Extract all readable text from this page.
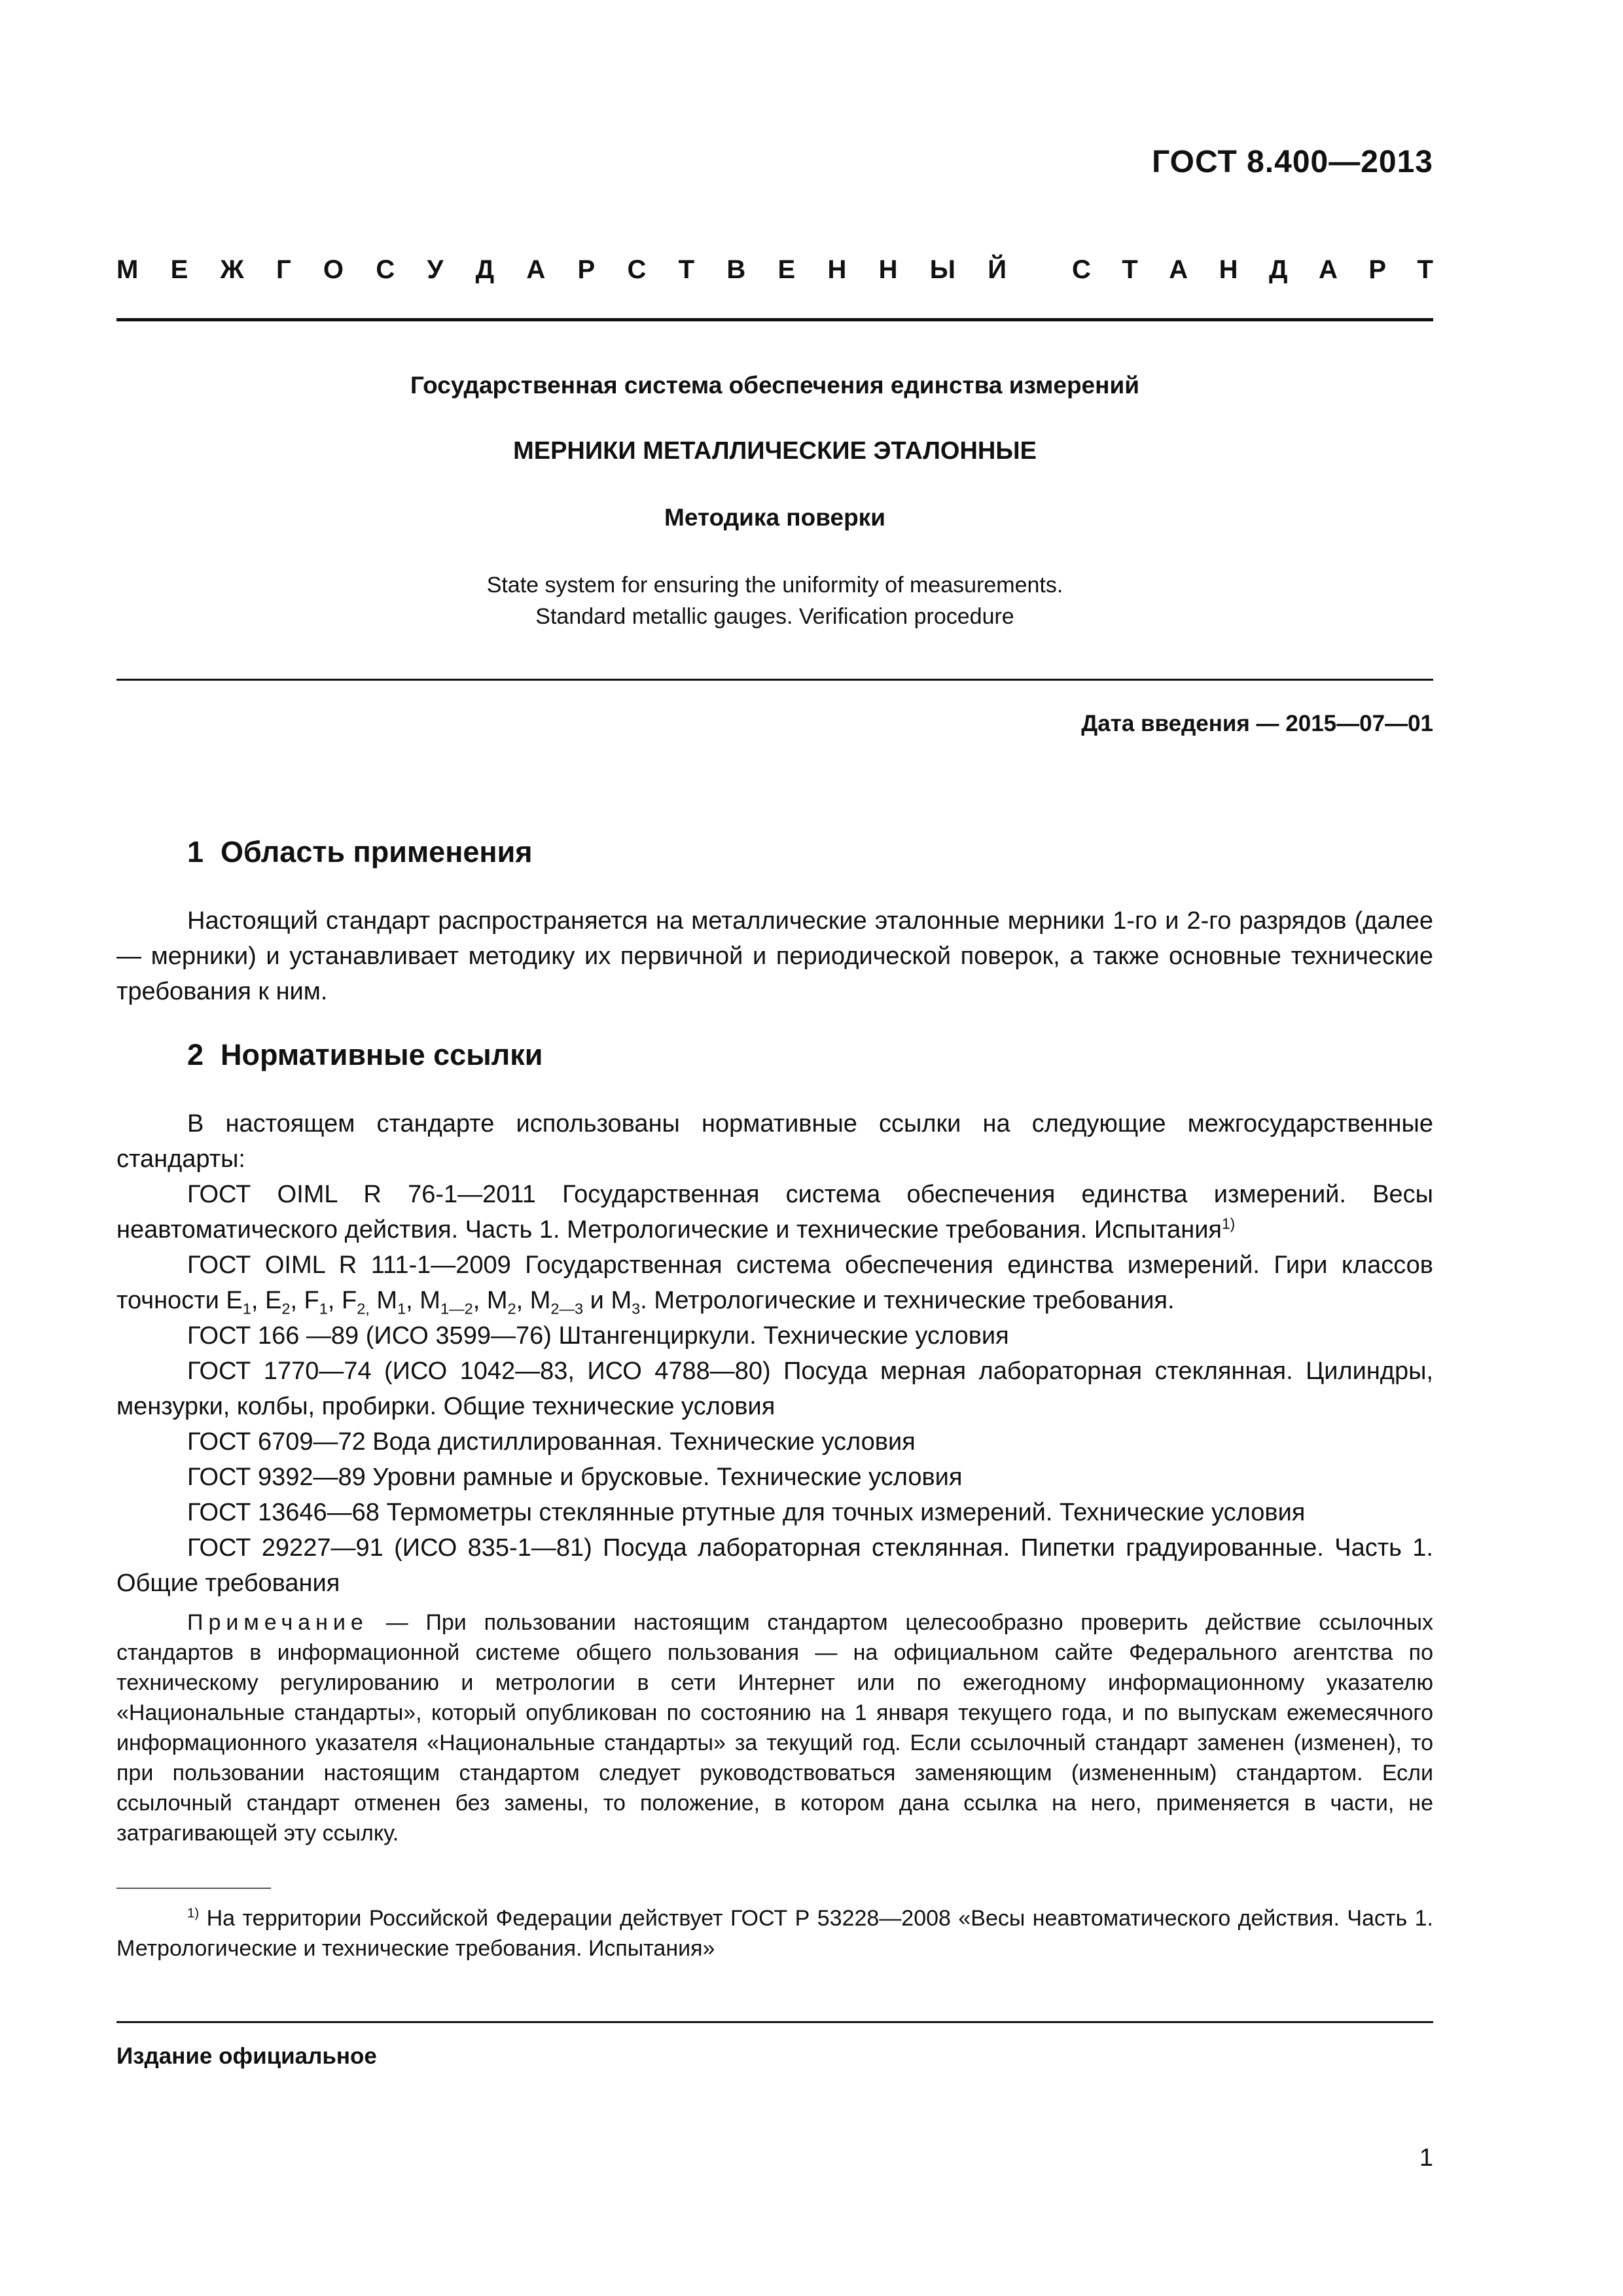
ГОСТ 8.400—2013
М Е Ж Г О С У Д А Р С Т В Е Н Н Ы Й	С Т А Н Д А Р Т
Государственная система обеспечения единства измерений
МЕРНИКИ МЕТАЛЛИЧЕСКИЕ ЭТАЛОННЫЕ
Методика поверки
State system for ensuring the uniformity of measurements.
Standard metallic gauges. Verification procedure
Дата введения — 2015—07—01
1 Область применения
Настоящий стандарт распространяется на металлические эталонные мерники 1-го и 2-го разрядов (далее — мерники) и устанавливает методику их первичной и периодической поверок, а также основные технические требования к ним.
2 Нормативные ссылки
В настоящем стандарте использованы нормативные ссылки на следующие межгосударственные стандарты:
ГОСТ OIML R 76-1—2011 Государственная система обеспечения единства измерений. Весы неавтоматического действия. Часть 1. Метрологические и технические требования. Испытания$^{1)}$
ГОСТ OIML R 111-1—2009 Государственная система обеспечения единства измерений. Гири классов точности $E_1$, $E_2$, $F_1$, $F_{2,}$ $M_1$, $M_{1—2}$, $M_2$, $M_{2—3}$ и $M_3$. Метрологические и технические требования.
ГОСТ 166 —89 (ИСО 3599—76) Штангенциркули. Технические условия
ГОСТ 1770—74 (ИСО 1042—83, ИСО 4788—80) Посуда мерная лабораторная стеклянная. Цилиндры, мензурки, колбы, пробирки. Общие технические условия
ГОСТ 6709—72 Вода дистиллированная. Технические условия
ГОСТ 9392—89 Уровни рамные и брусковые. Технические условия
ГОСТ 13646—68 Термометры стеклянные ртутные для точных измерений. Технические условия
ГОСТ 29227—91 (ИСО 835-1—81) Посуда лабораторная стеклянная. Пипетки градуированные. Часть 1. Общие требования
Примечание — При пользовании настоящим стандартом целесообразно проверить действие ссылочных стандартов в информационной системе общего пользования — на официальном сайте Федерального агентства по техническому регулированию и метрологии в сети Интернет или по ежегодному информационному указателю «Национальные стандарты», который опубликован по состоянию на 1 января текущего года, и по выпускам ежемесячного информационного указателя «Национальные стандарты» за текущий год. Если ссылочный стандарт заменен (изменен), то при пользовании настоящим стандартом следует руководствоваться заменяющим (измененным) стандартом. Если ссылочный стандарт отменен без замены, то положение, в котором дана ссылка на него, применяется в части, не затрагивающей эту ссылку.
$^{1)}$ На территории Российской Федерации действует ГОСТ Р 53228—2008 «Весы неавтоматического действия. Часть 1. Метрологические и технические требования. Испытания»
Издание официальное
1
